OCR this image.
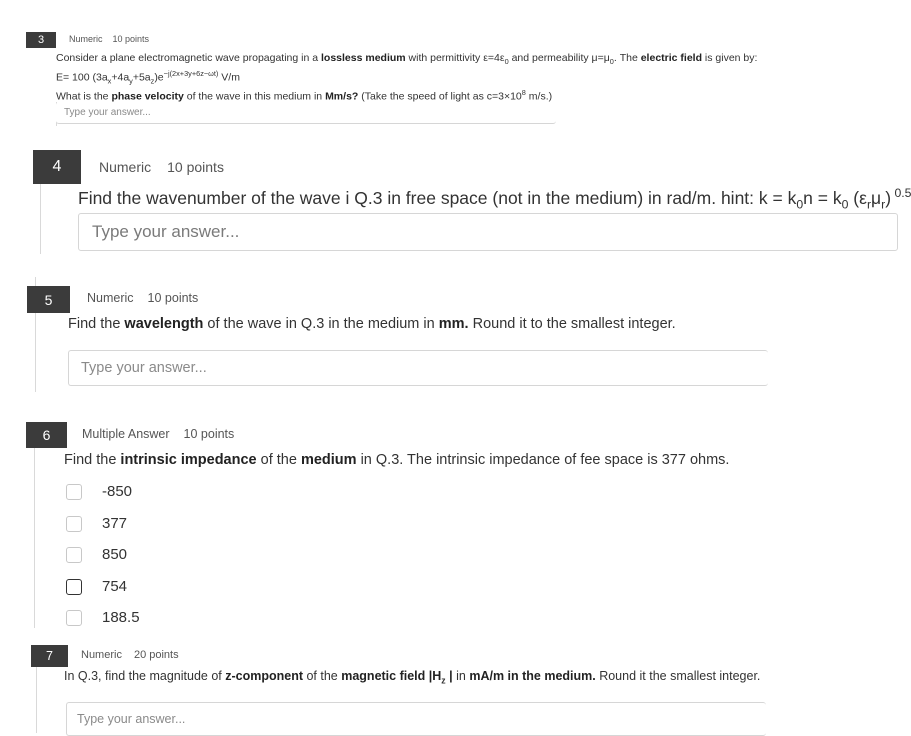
3	Numeric 10 points
Consider a plane electromagnetic wave propagating in a lossless medium with permittivity $\varepsilon=4\varepsilon_0$ and permeability $\mu=\mu_0$. The electric field is given by:
E= 100 $(3a_x+4a_y+5a_z)e^{-j(2x+3y+6z-\omega t)}$ V/m
What is the phase velocity of the wave in this medium in Mm/s? (Take the speed of light as $c=3\times 10^8$ m/s.)
Type your answer...
4	Numeric 10 points
Find the wavenumber of the wave i Q.3 in free space (not in the medium) in rad/m. hint: $k = k_0n = k_0$ $(\varepsilon_r\mu_r)$ $^{0.5}$
Type your answer...
5	Numeric 10 points
Find the wavelength of the wave in Q.3 in the medium in mm. Round it to the smallest integer.
Type your answer...
6	Multiple Answer 10 points
Find the intrinsic impedance of the medium in Q.3. The intrinsic impedance of fee space is 377 ohms.
-850
377
850
754
188.5
7	Numeric 20 points
In Q.3, find the magnitude of z-component of the magnetic field $|H_z$ | in mA/m in the medium. Round it the smallest integer.
Type your answer...
